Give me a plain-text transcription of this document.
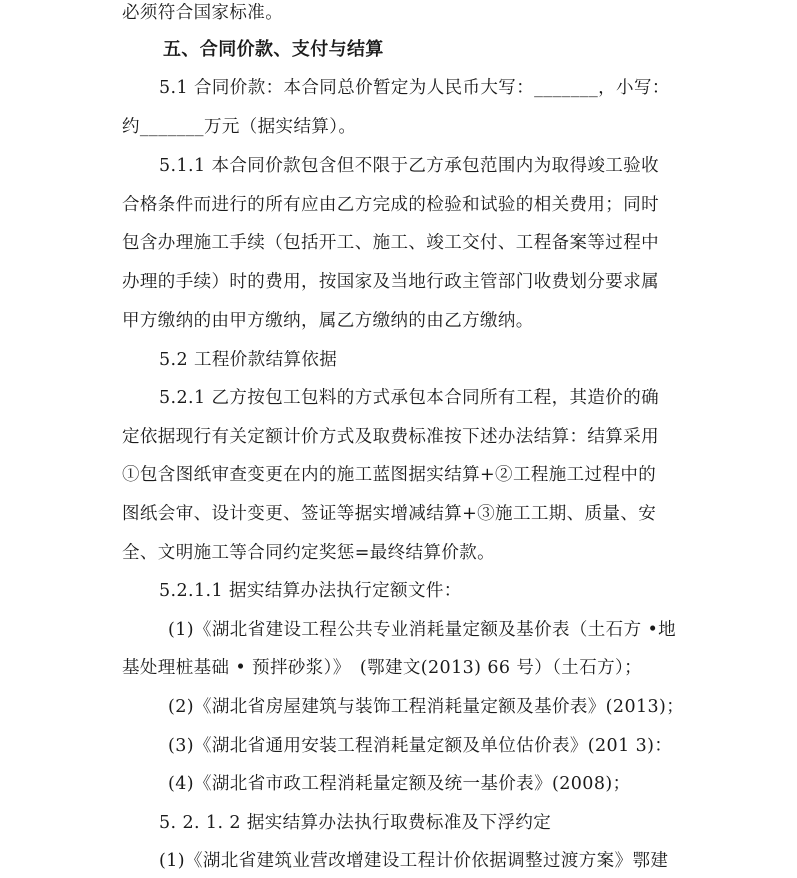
必须符合国家标准。
五、合同价款、支付与结算
5.1 合同价款：本合同总价暂定为人民币大写：_______，小写：
约_______万元（据实结算）。
5.1.1 本合同价款包含但不限于乙方承包范围内为取得竣工验收
合格条件而进行的所有应由乙方完成的检验和试验的相关费用；同时
包含办理施工手续（包括开工、施工、竣工交付、工程备案等过程中
办理的手续）时的费用，按国家及当地行政主管部门收费划分要求属
甲方缴纳的由甲方缴纳，属乙方缴纳的由乙方缴纳。
5.2 工程价款结算依据
5.2.1 乙方按包工包料的方式承包本合同所有工程，其造价的确
定依据现行有关定额计价方式及取费标准按下述办法结算：结算采用
①包含图纸审查变更在内的施工蓝图据实结算+②工程施工过程中的
图纸会审、设计变更、签证等据实增减结算+③施工工期、质量、安
全、文明施工等合同约定奖惩=最终结算价款。
5.2.1.1 据实结算办法执行定额文件：
(1)《湖北省建设工程公共专业消耗量定额及基价表（土石方 •地
基处理桩基础 • 预拌砂浆）》　(鄂建文(2013) 66 号）（土石方）；
(2)《湖北省房屋建筑与装饰工程消耗量定额及基价表》(2013)；
(3)《湖北省通用安装工程消耗量定额及单位估价表》(201 3)：
(4)《湖北省市政工程消耗量定额及统一基价表》(2008)；
5. 2. 1. 2 据实结算办法执行取费标准及下浮约定
(1)《湖北省建筑业营改增建设工程计价依据调整过渡方案》鄂建
